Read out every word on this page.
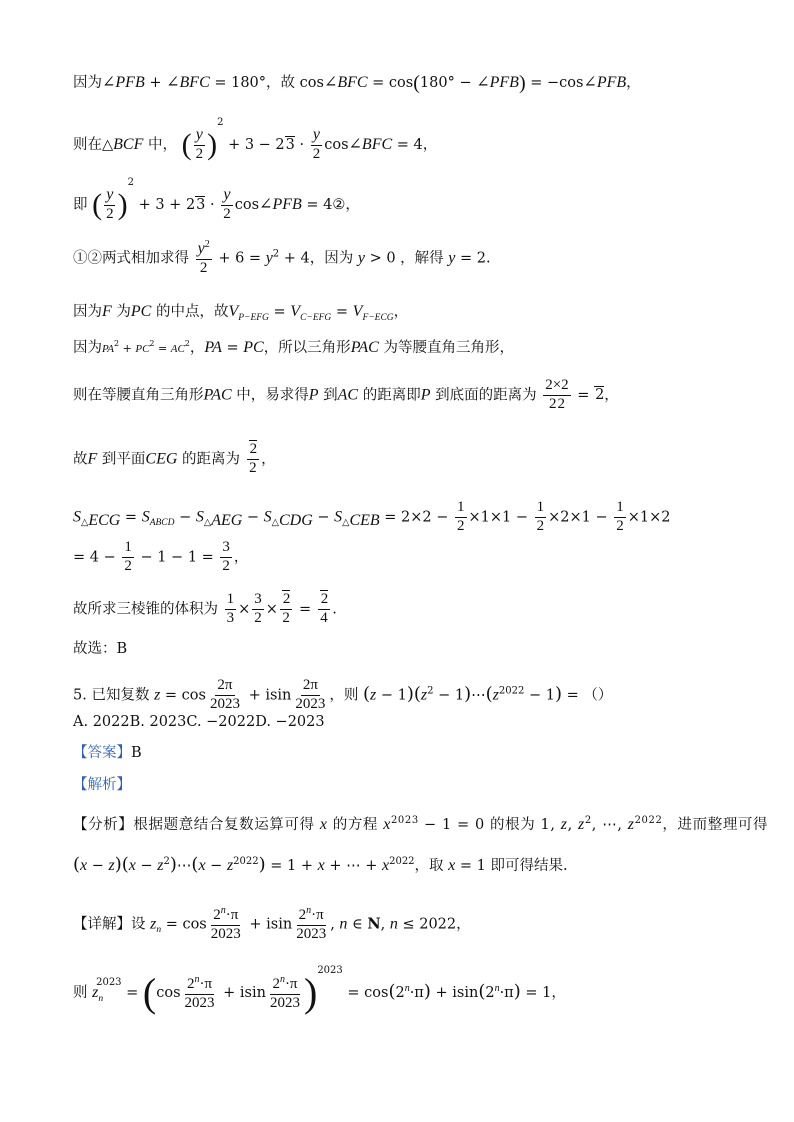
因为∠PFB + ∠BFC = 180°，故 cos∠BFC = cos(180° − ∠PFB) = −cos∠PFB，
则在△BCF 中， ( $\frac{y}{2} )^2 + 3 - 23 \cdot \frac{y}{2}$ cos∠BFC = 4，
即 ( $\frac{y}{2} )^2 + 3 + 23 \cdot \frac{y}{2}$ cos∠PFB = 4②，
①②两式相加求得 $\frac{y^2}{2} + 6 = y^2 + 4$，因为 y > 0 ，解得 y = 2.
因为F 为PC 的中点，故$V_{P-EFG} = V_{C-EFG} = V_{F-ECG}$，
因为$PA^2 + PC^2 = AC^2$，PA = PC，所以三角形PAC 为等腰直角三角形，
则在等腰直角三角形PAC 中，易求得P 到AC 的距离即P 到底面的距离为 $\frac{2\times 2}{22} = 2$，
故F 到平面CEG 的距离为 $\frac{2}{2}$ ，
$S_{\triangle ECG} = S_{ABCD} - S_{\triangle AEG} - S_{\triangle CDG} - S_{\triangle CEB} = 2\times 2 - \frac{1}{2} \times 1\times 1 - \frac{1}{2} \times 2\times 1 - \frac{1}{2} \times 1\times 2$
= $4 - \frac{1}{2} - 1 - 1 = \frac{3}{2}$ ，
故所求三棱锥的体积为 $\frac{1}{3} \times \frac{3}{2} \times \frac{2}{2} = \frac{2}{4}$ .
故选：B
5. 已知复数 $z = \cos \frac{2\pi}{2023} + isin \frac{2\pi}{2023}$ ，则 $(z - 1)(z^2$ − $1)\cdots(z^{2022} - 1)$ = （）
A. 2022B. 2023C. −2022D. −2023
【答案】B
【解析】
【分析】根据题意结合复数运算可得 x 的方程 $x^{2023} - 1 = 0$ 的根为 1, z, $z^2$, ⋯, $z^{2022}$，进而整理可得
$(x - z)(x - z^2)\cdots(x - z^{2022}) = 1 + x$ + ⋯ + $x^{2022}$，取 x = 1 即可得结果.
【详解】设 $z_n = \cos \frac{2^n\cdot\pi}{2023} + isin \frac{2^n\cdot\pi}{2023}$ , n ∈ N, n ≤ 2022，
则 $z_n^{2023} = (\cos \frac{2^n\cdot\pi}{2023} + isin \frac{2^n\cdot\pi}{2023} )^{2023} = \cos(2^n\cdot\pi) + isin(2^n\cdot\pi) = 1$，
